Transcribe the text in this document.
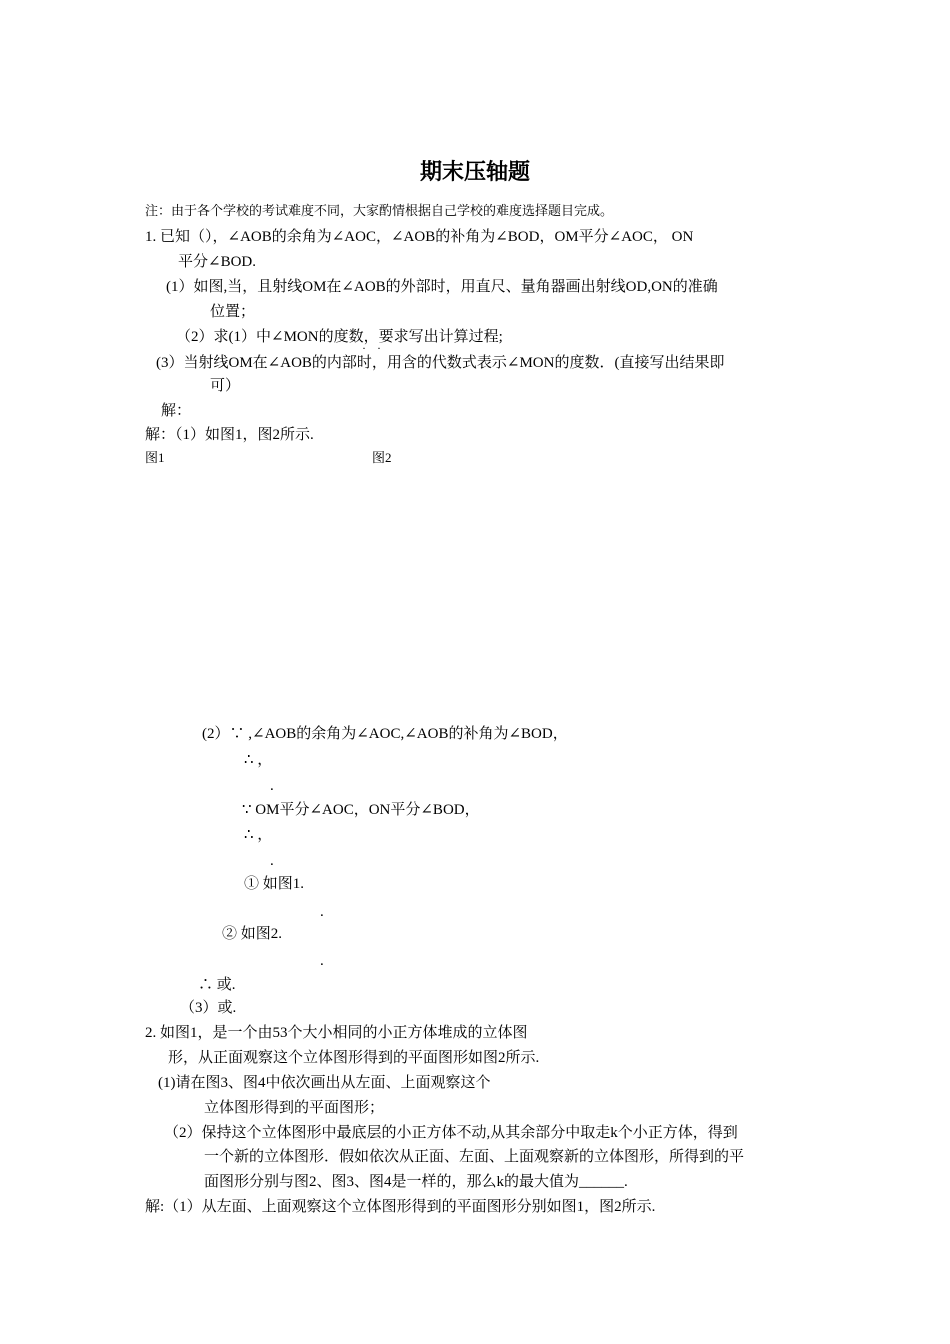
期末压轴题
注：由于各个学校的考试难度不同，大家酌情根据自己学校的难度选择题目完成。
1. 已知（），∠AOB的余角为∠AOC，∠AOB的补角为∠BOD，OM平分∠AOC， ON
平分∠BOD.
(1）如图,当，且射线OM在∠AOB的外部时，用直尺、量角器画出射线OD,ON的准确
位置；
（2）求(1）中∠MON的度数，要求写出计算过程;
· ·
(3）当射线OM在∠AOB的内部时，用含的代数式表示∠MON的度数．(直接写出结果即
可）
解：
解：（1）如图1，图2所示.
图1	图2
(2）∵ ,∠AOB的余角为∠AOC,∠AOB的补角为∠BOD，
∴ ，
.
∵ OM平分∠AOC，ON平分∠BOD，
∴ ，
.
① 如图1.
.
② 如图2.
.
∴ 或.
（3）或.
2. 如图1，是一个由53个大小相同的小正方体堆成的立体图
形，从正面观察这个立体图形得到的平面图形如图2所示.
(1)请在图3、图4中依次画出从左面、上面观察这个
立体图形得到的平面图形；
（2）保持这个立体图形中最底层的小正方体不动,从其余部分中取走k个小正方体，得到
一个新的立体图形．假如依次从正面、左面、上面观察新的立体图形，所得到的平
面图形分别与图2、图3、图4是一样的，那么k的最大值为______.
解:（1）从左面、上面观察这个立体图形得到的平面图形分别如图1，图2所示.
